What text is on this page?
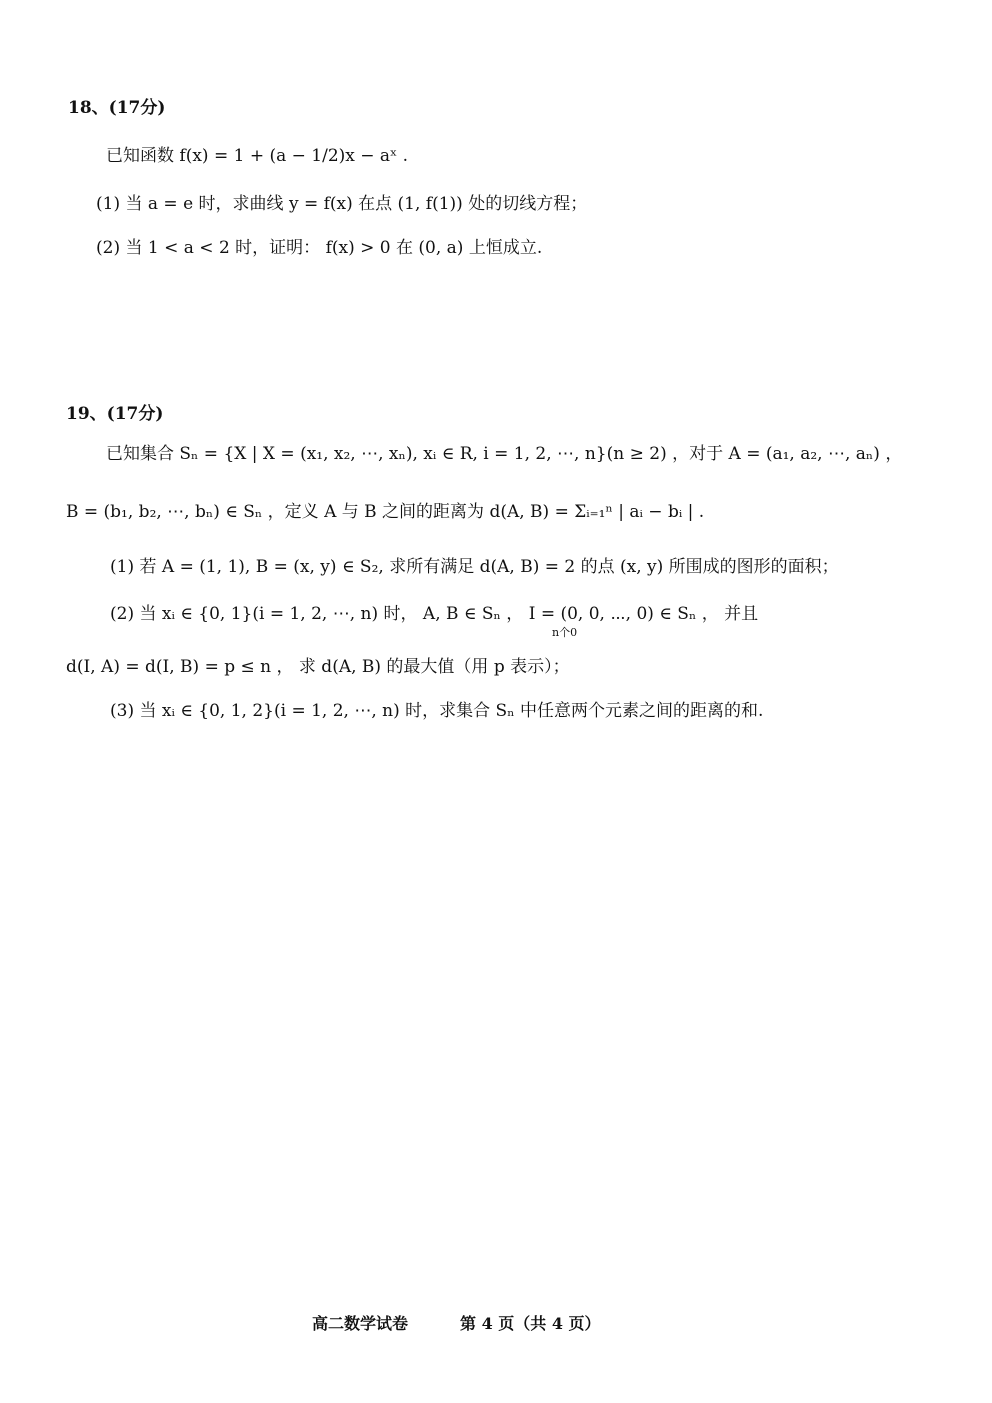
18、(17分)
已知函数 f(x) = 1 + (a − 1/2)x − aˣ .
(1) 当 a = e 时，求曲线 y = f(x) 在点 (1, f(1)) 处的切线方程；
(2) 当 1 < a < 2 时，证明： f(x) > 0 在 (0, a) 上恒成立.
19、(17分)
已知集合 Sₙ = {X | X = (x₁, x₂, ⋯, xₙ), xᵢ ∈ R, i = 1, 2, ⋯, n}(n ≥ 2) ，对于 A = (a₁, a₂, ⋯, aₙ) ，
B = (b₁, b₂, ⋯, bₙ) ∈ Sₙ ，定义 A 与 B 之间的距离为 d(A, B) = Σᵢ₌₁ⁿ | aᵢ − bᵢ | .
(1) 若 A = (1, 1), B = (x, y) ∈ S₂, 求所有满足 d(A, B) = 2 的点 (x, y) 所围成的图形的面积；
(2) 当 xᵢ ∈ {0, 1}(i = 1, 2, ⋯, n) 时， A, B ∈ Sₙ ， I = (0, 0, ⋯, 0) ∈ Sₙ ， 并且
n个0
d(I, A) = d(I, B) = p ≤ n ， 求 d(A, B) 的最大值（用 p 表示）；
(3) 当 xᵢ ∈ {0, 1, 2}(i = 1, 2, ⋯, n) 时，求集合 Sₙ 中任意两个元素之间的距离的和.
高二数学试卷	第 4 页（共 4 页）
